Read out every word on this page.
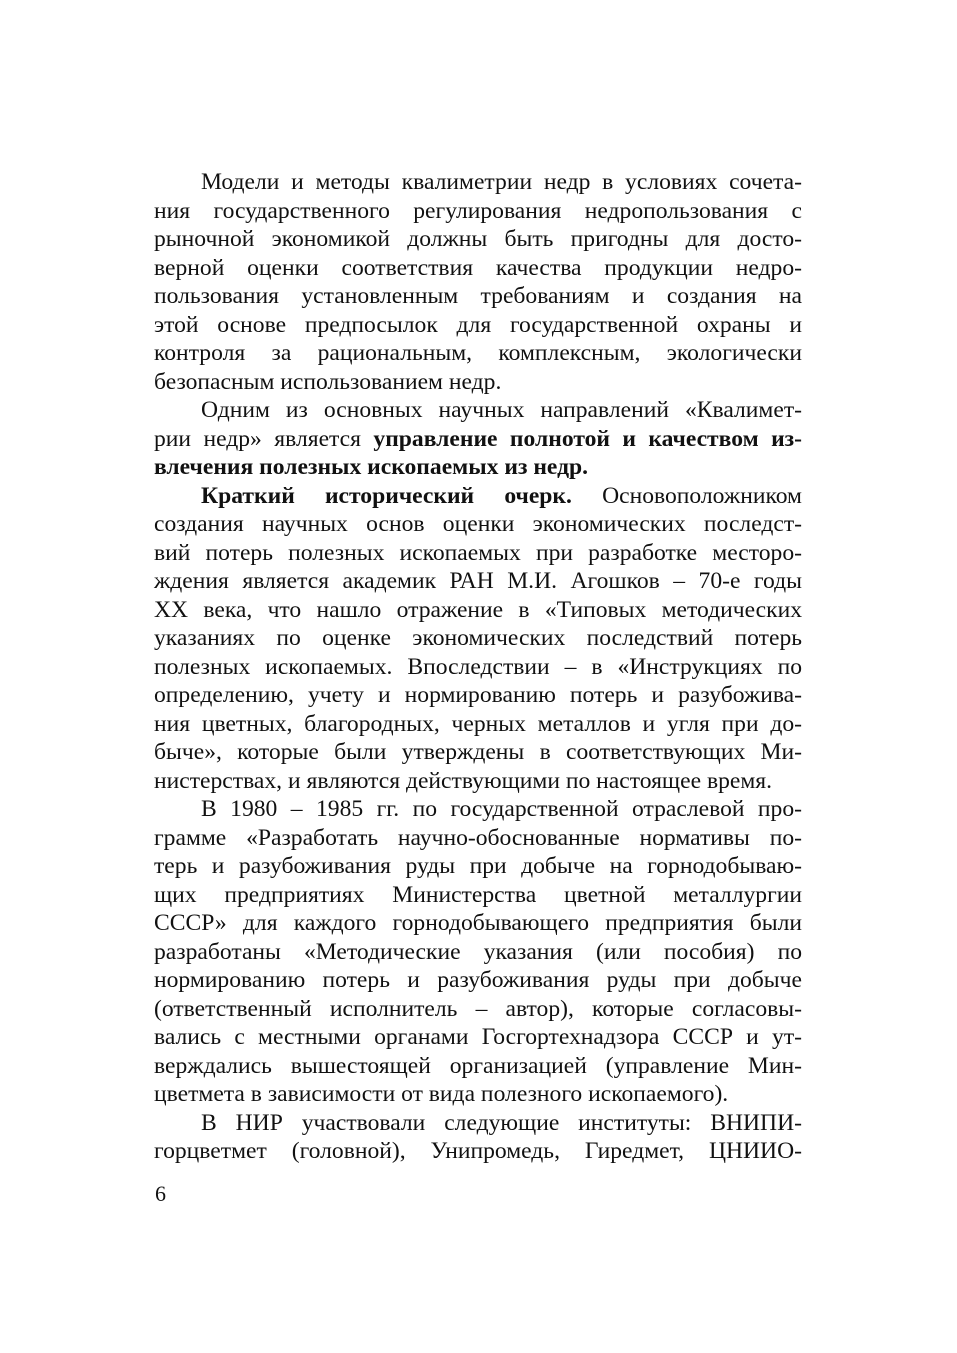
Модели и методы квалиметрии недр в условиях сочета-
ния государственного регулирования недропользования с
рыночной экономикой должны быть пригодны для досто-
верной оценки соответствия качества продукции недро-
пользования установленным требованиям и создания на
этой основе предпосылок для государственной охраны и
контроля за рациональным, комплексным, экологически
безопасным использованием недр.
Одним из основных научных направлений «Квалимет-
рии недр» является управление полнотой и качеством из-
влечения полезных ископаемых из недр.
Краткий исторический очерк. Основоположником
создания научных основ оценки экономических последст-
вий потерь полезных ископаемых при разработке месторо-
ждения является академик РАН М.И. Агошков – 70-е годы
XX века, что нашло отражение в «Типовых методических
указаниях по оценке экономических последствий потерь
полезных ископаемых. Впоследствии – в «Инструкциях по
определению, учету и нормированию потерь и разубожива-
ния цветных, благородных, черных металлов и угля при до-
быче», которые были утверждены в соответствующих Ми-
нистерствах, и являются действующими по настоящее время.
В 1980 – 1985 гг. по государственной отраслевой про-
грамме «Разработать научно-обоснованные нормативы по-
терь и разубоживания руды при добыче на горнодобываю-
щих предприятиях Министерства цветной металлургии
СССР» для каждого горнодобывающего предприятия были
разработаны «Методические указания (или пособия) по
нормированию потерь и разубоживания руды при добыче
(ответственный исполнитель – автор), которые согласовы-
вались с местными органами Госгортехнадзора СССР и ут-
верждались вышестоящей организацией (управление Мин-
цветмета в зависимости от вида полезного ископаемого).
В НИР участвовали следующие институты: ВНИПИ-
горцветмет (головной), Унипромедь, Гиредмет, ЦНИИО-
6
